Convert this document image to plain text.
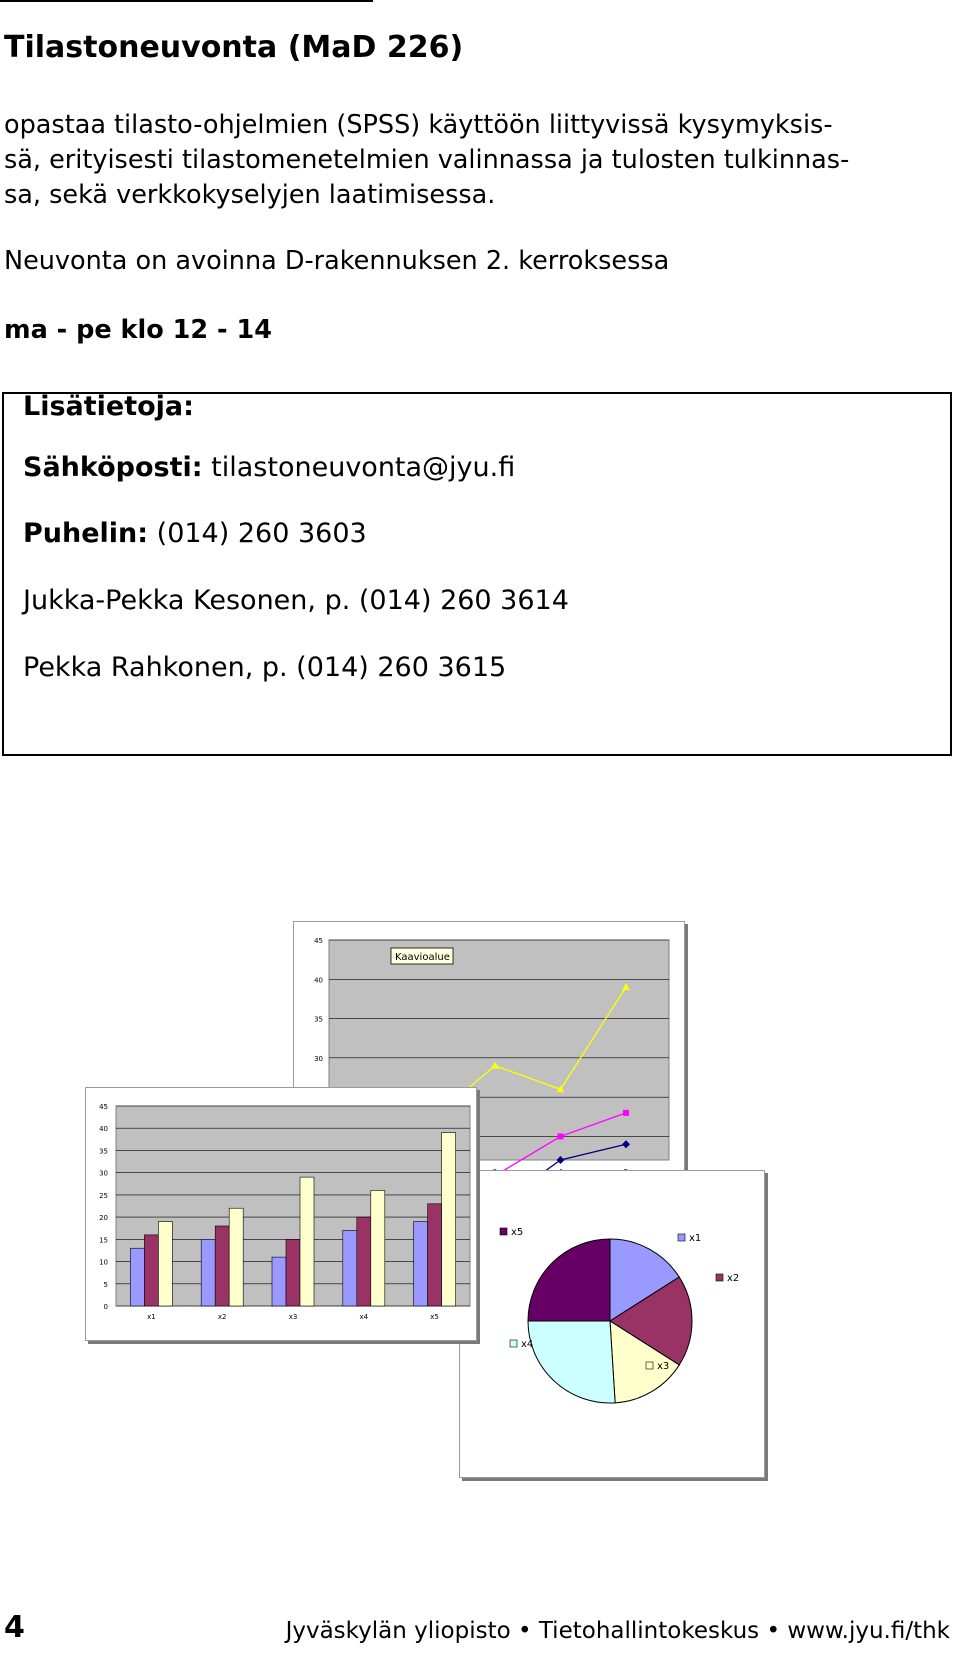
Tilastoneuvonta (MaD 226)

opastaa tilasto-ohjelmien (SPSS) käyttöön liittyvissä kysymyksis-
sä, erityisesti tilastomenetelmien valinnassa ja tulosten tulkinnas-
sa, sekä verkkokyselyjen laatimisessa.

Neuvonta on avoinna D-rakennuksen 2. kerroksessa

ma - pe klo 12 - 14

Lisätietoja:

Sähköposti: tilastoneuvonta@jyu.fi

Puhelin: (014) 260 3603

Jukka-Pekka Kesonen, p. (014) 260 3614

Pekka Rahkonen, p. (014) 260 3615

45
40
35
30
Kaavioalue
x1
x2
x3
x4
x5
45
40
35
30
25
20
15
10
5
0
x1	x2	x3	x4	x5
4	Jyväskylän yliopisto • Tietohallintokeskus • www.jyu.fi/thk
